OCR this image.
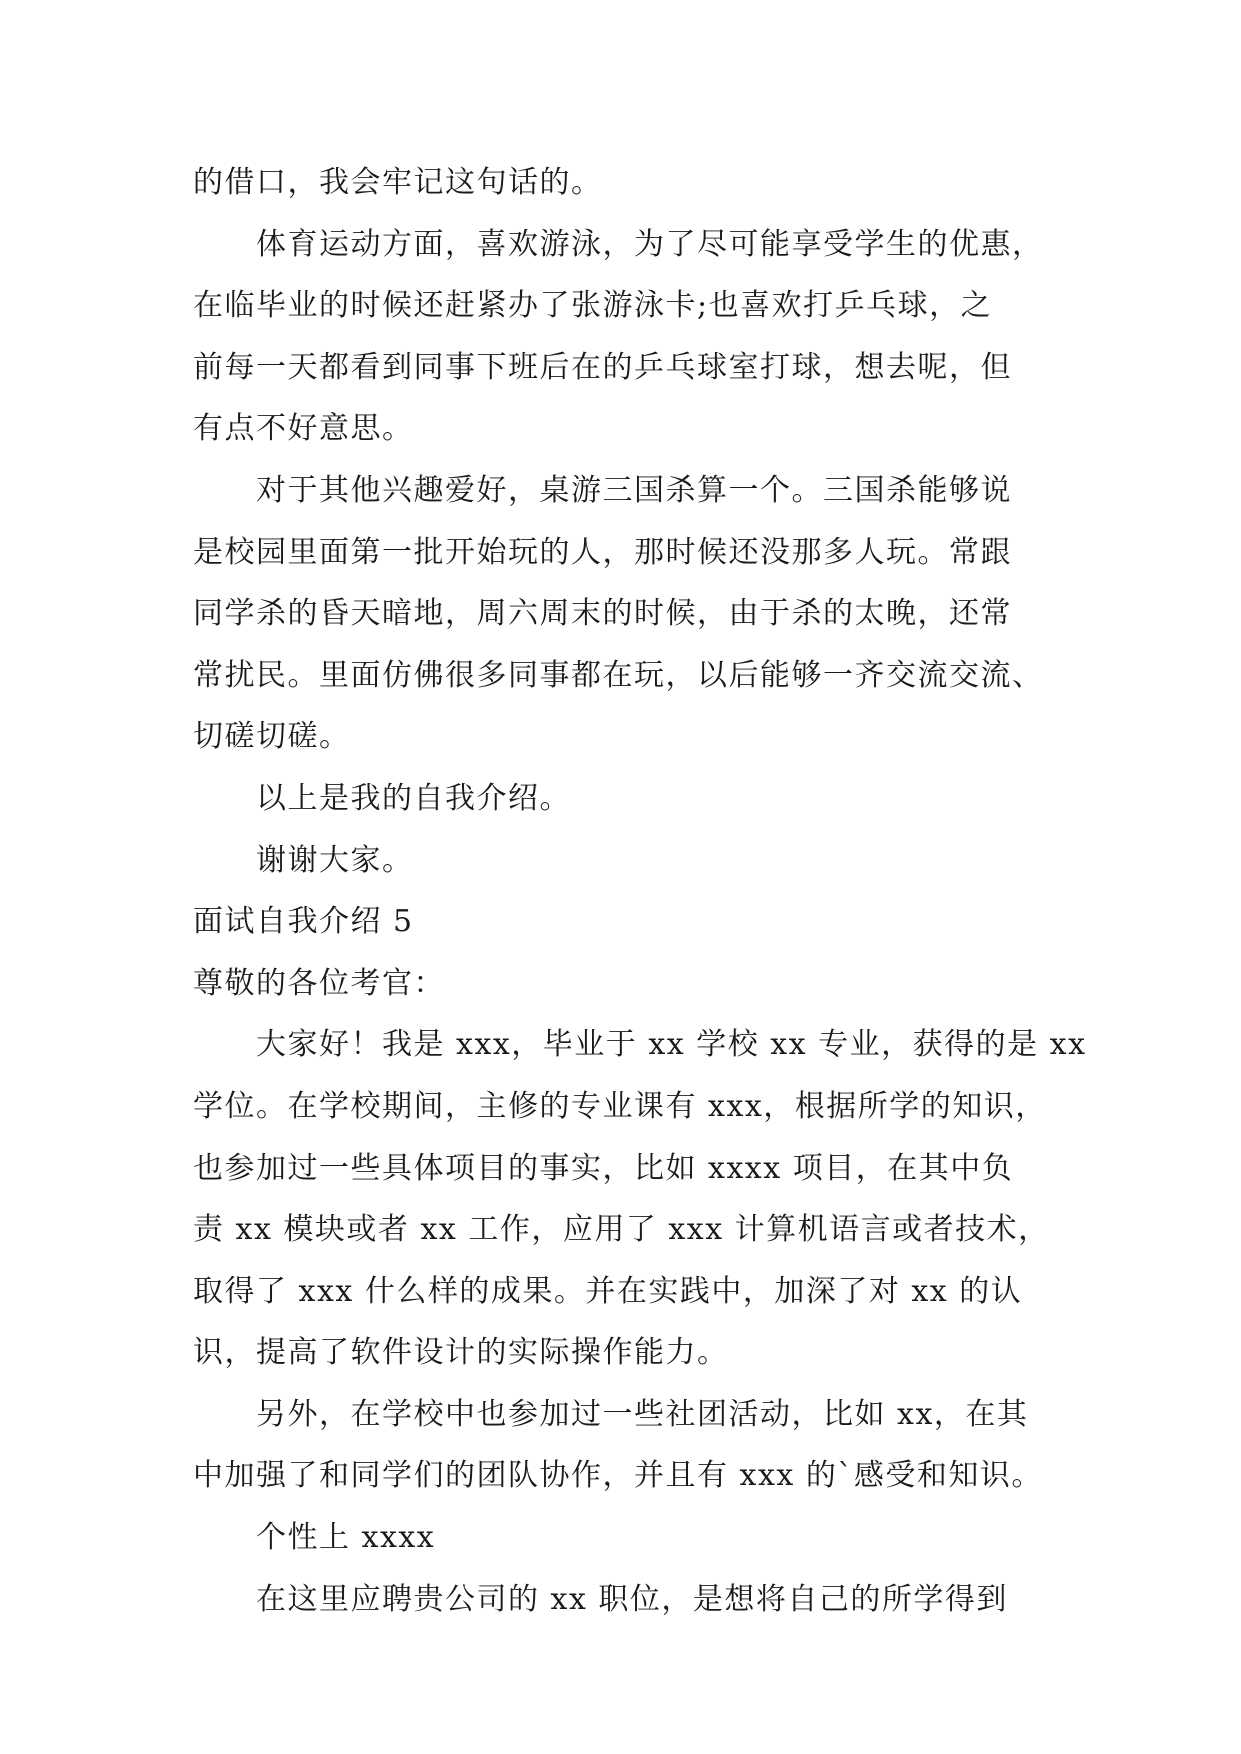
的借口，我会牢记这句话的。
体育运动方面，喜欢游泳，为了尽可能享受学生的优惠，
在临毕业的时候还赶紧办了张游泳卡;也喜欢打乒乓球，之
前每一天都看到同事下班后在的乒乓球室打球，想去呢，但
有点不好意思。
对于其他兴趣爱好，桌游三国杀算一个。三国杀能够说
是校园里面第一批开始玩的人，那时候还没那多人玩。常跟
同学杀的昏天暗地，周六周末的时候，由于杀的太晚，还常
常扰民。里面仿佛很多同事都在玩，以后能够一齐交流交流、
切磋切磋。
以上是我的自我介绍。
谢谢大家。
面试自我介绍 5
尊敬的各位考官：
大家好！我是 xxx，毕业于 xx 学校 xx 专业，获得的是 xx
学位。在学校期间，主修的专业课有 xxx，根据所学的知识，
也参加过一些具体项目的事实，比如 xxxx 项目，在其中负
责 xx 模块或者 xx 工作，应用了 xxx 计算机语言或者技术，
取得了 xxx 什么样的成果。并在实践中，加深了对 xx 的认
识，提高了软件设计的实际操作能力。
另外，在学校中也参加过一些社团活动，比如 xx，在其
中加强了和同学们的团队协作，并且有 xxx 的`感受和知识。
个性上 xxxx
在这里应聘贵公司的 xx 职位，是想将自己的所学得到
